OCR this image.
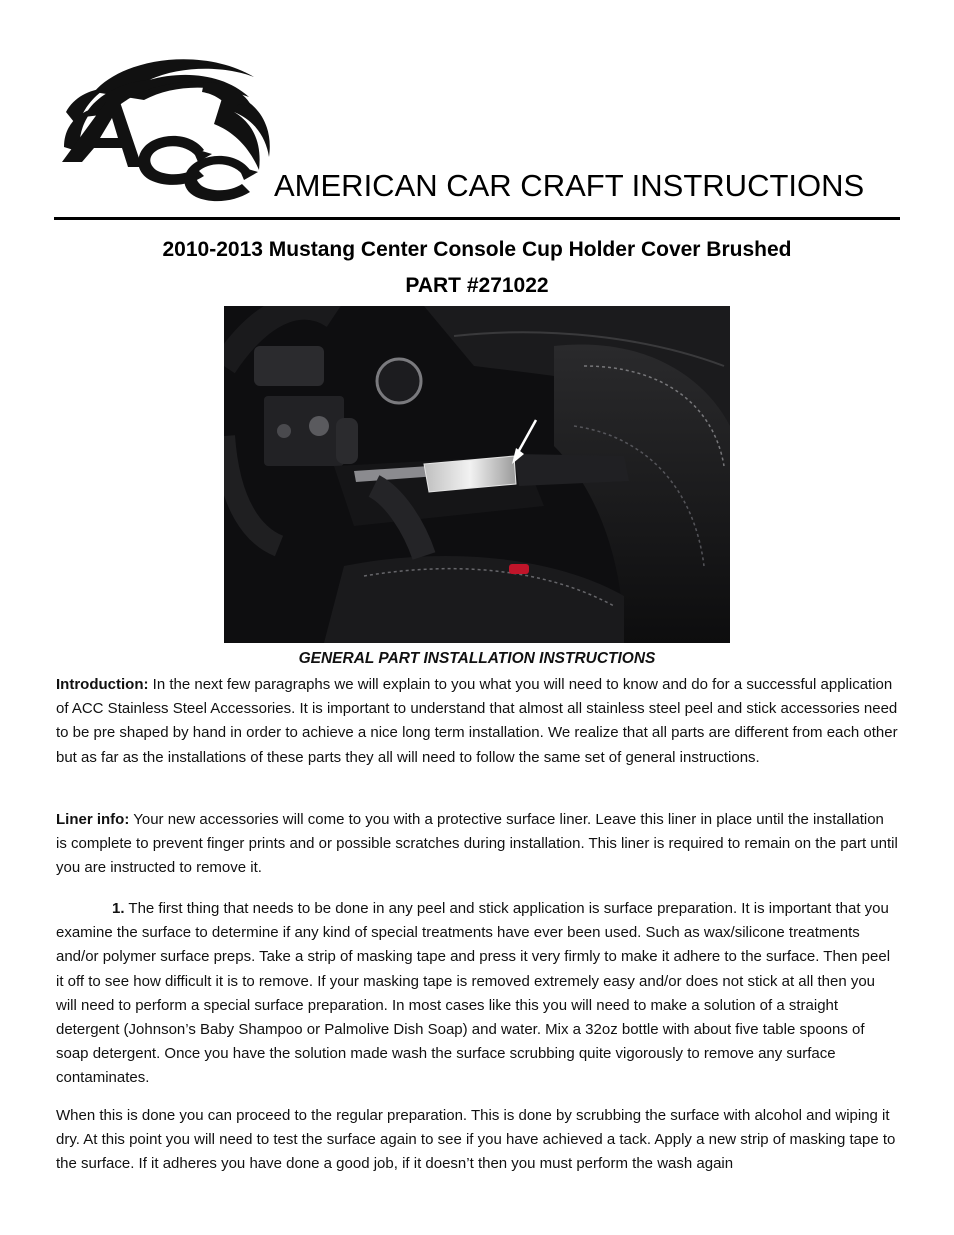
AMERICAN CAR CRAFT INSTRUCTIONS
2010-2013 Mustang Center Console Cup Holder Cover Brushed
PART #271022
GENERAL PART INSTALLATION INSTRUCTIONS

Introduction: In the next few paragraphs we will explain to you what you will need to know and do for a successful application of ACC Stainless Steel Accessories. It is important to understand that almost all stainless steel peel and stick accessories need to be pre shaped by hand in order to achieve a nice long term installation. We realize that all parts are different from each other but as far as the installations of these parts they all will need to follow the same set of general instructions.

Liner info: Your new accessories will come to you with a protective surface liner. Leave this liner in place until the installation is complete to prevent finger prints and or possible scratches during installation. This liner is required to remain on the part until you are instructed to remove it.

1. The first thing that needs to be done in any peel and stick application is surface preparation. It is important that you examine the surface to determine if any kind of special treatments have ever been used. Such as wax/silicone treatments and/or polymer surface preps. Take a strip of masking tape and press it very firmly to make it adhere to the surface. Then peel it off to see how difficult it is to remove. If your masking tape is removed extremely easy and/or does not stick at all then you will need to perform a special surface preparation. In most cases like this you will need to make a solution of a straight detergent (Johnson’s Baby Shampoo or Palmolive Dish Soap) and water. Mix a 32oz bottle with about five table spoons of soap detergent. Once you have the solution made wash the surface scrubbing quite vigorously to remove any surface contaminates.

When this is done you can proceed to the regular preparation. This is done by scrubbing the surface with alcohol and wiping it dry. At this point you will need to test the surface again to see if you have achieved a tack. Apply a new strip of masking tape to the surface. If it adheres you have done a good job, if it doesn’t then you must perform the wash again
